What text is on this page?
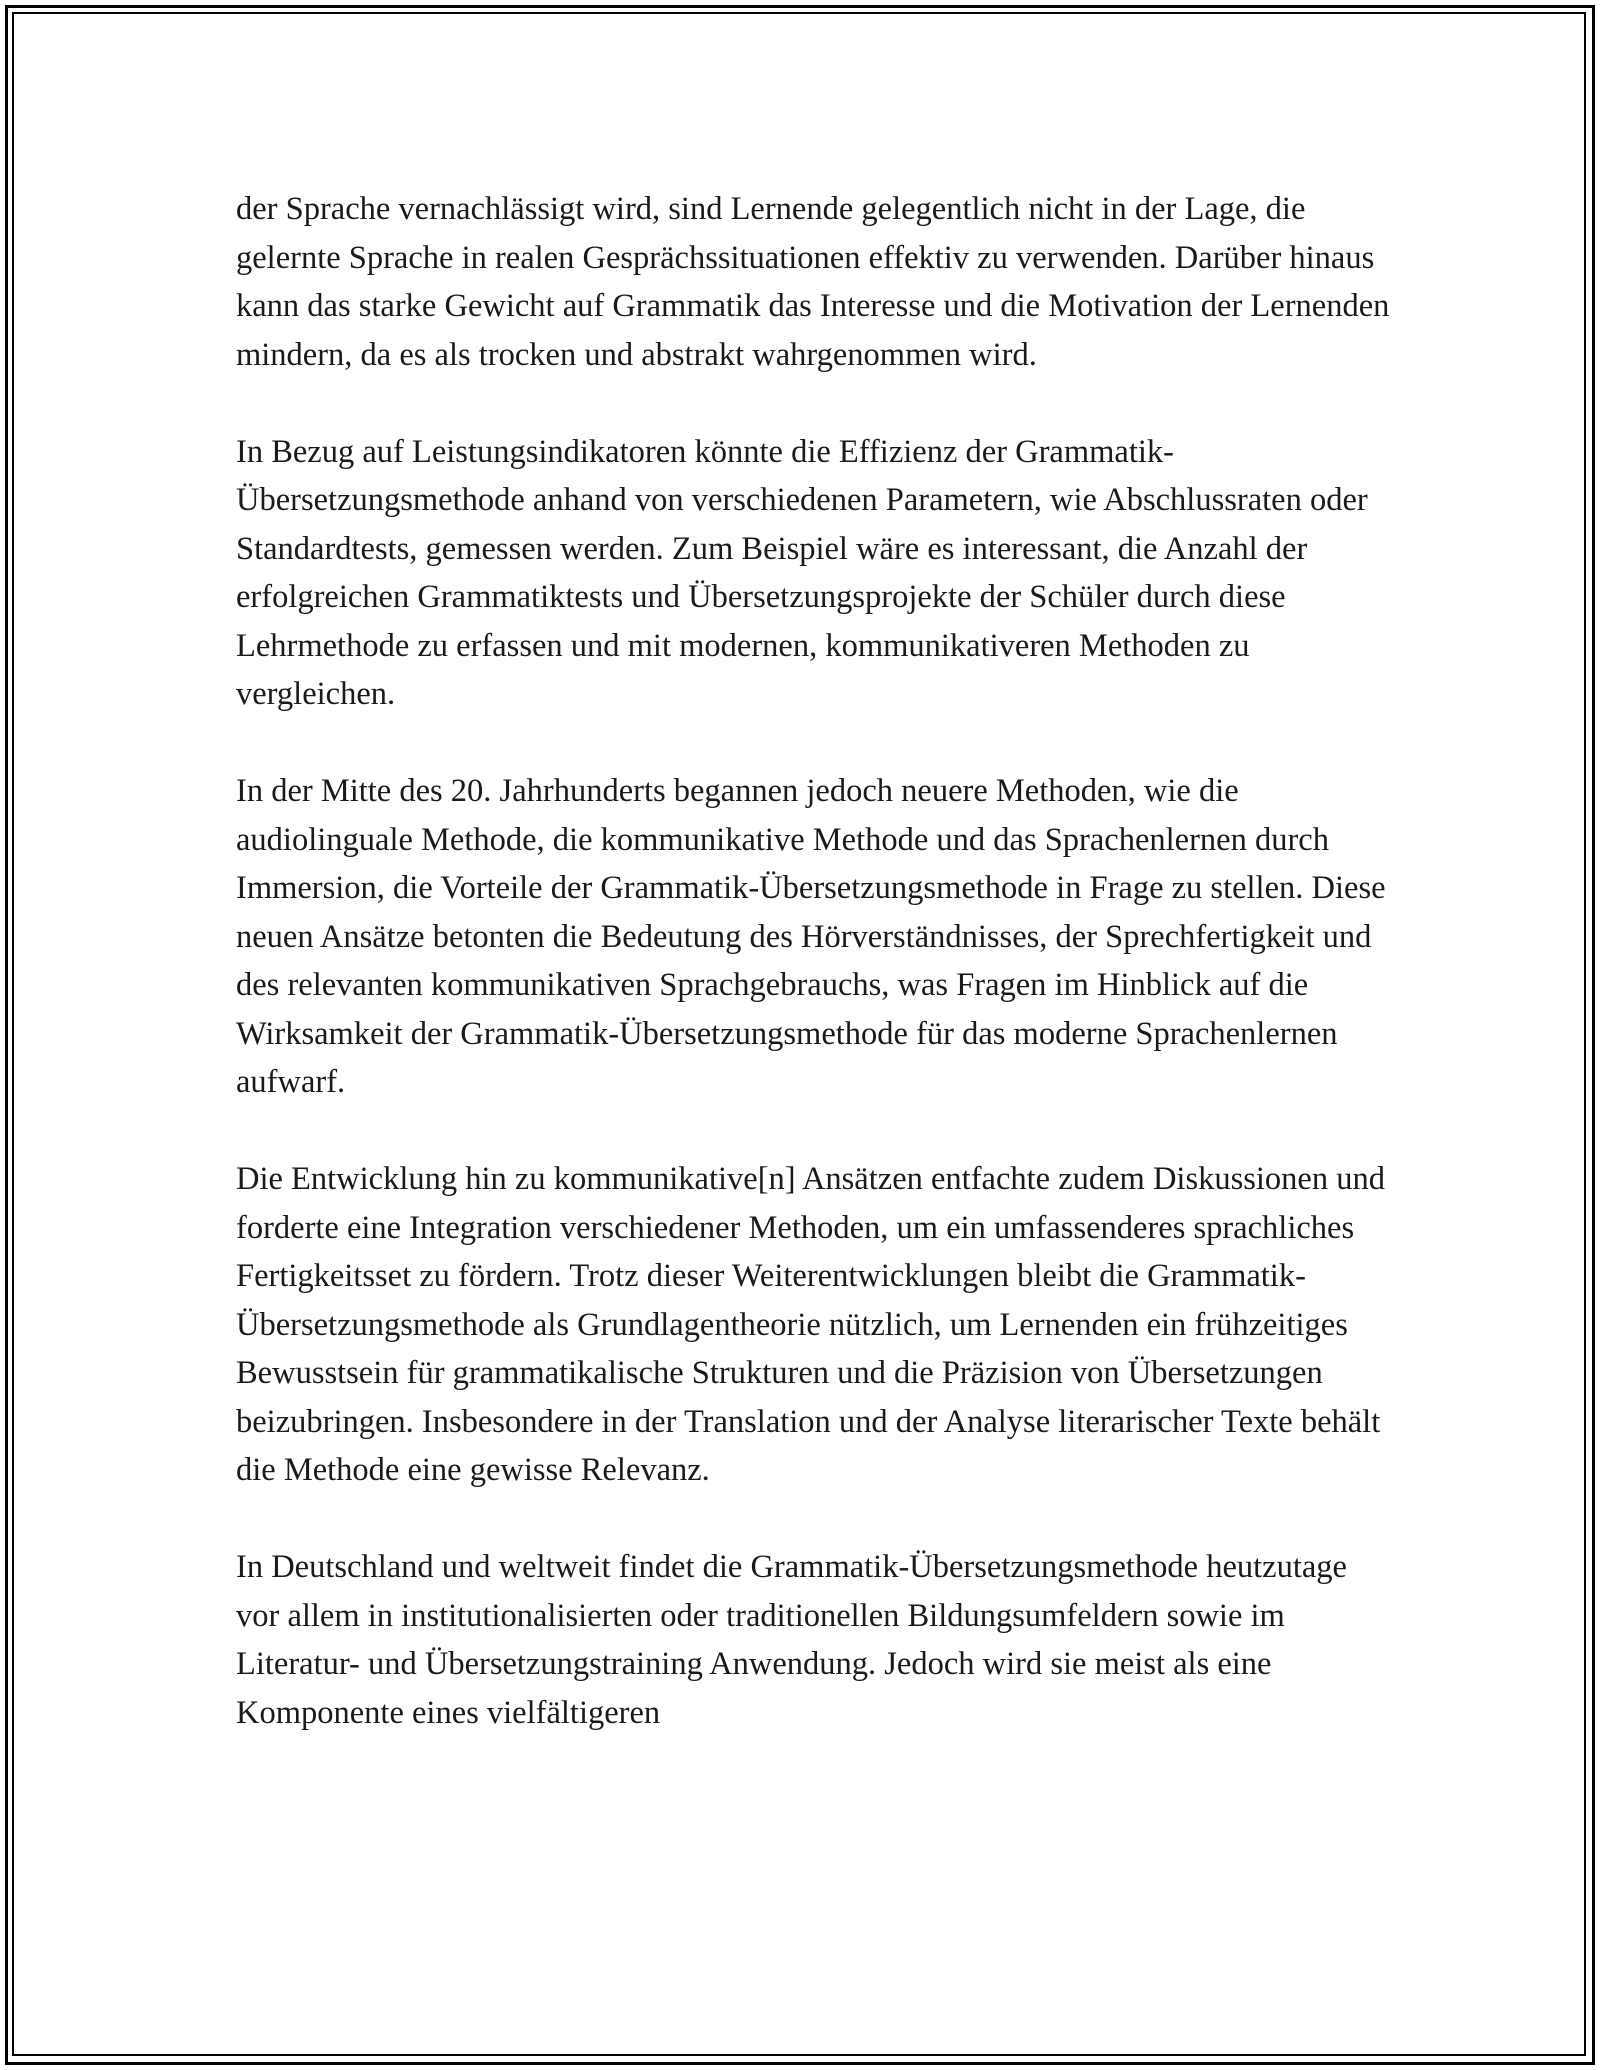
der Sprache vernachlässigt wird, sind Lernende gelegentlich nicht in der Lage, die gelernte Sprache in realen Gesprächssituationen effektiv zu verwenden. Darüber hinaus kann das starke Gewicht auf Grammatik das Interesse und die Motivation der Lernenden mindern, da es als trocken und abstrakt wahrgenommen wird.

In Bezug auf Leistungsindikatoren könnte die Effizienz der Grammatik-Übersetzungsmethode anhand von verschiedenen Parametern, wie Abschlussraten oder Standardtests, gemessen werden. Zum Beispiel wäre es interessant, die Anzahl der erfolgreichen Grammatiktests und Übersetzungsprojekte der Schüler durch diese Lehrmethode zu erfassen und mit modernen, kommunikativeren Methoden zu vergleichen.

In der Mitte des 20. Jahrhunderts begannen jedoch neuere Methoden, wie die audiolinguale Methode, die kommunikative Methode und das Sprachenlernen durch Immersion, die Vorteile der Grammatik-Übersetzungsmethode in Frage zu stellen. Diese neuen Ansätze betonten die Bedeutung des Hörverständnisses, der Sprechfertigkeit und des relevanten kommunikativen Sprachgebrauchs, was Fragen im Hinblick auf die Wirksamkeit der Grammatik-Übersetzungsmethode für das moderne Sprachenlernen aufwarf.

Die Entwicklung hin zu kommunikative[n] Ansätzen entfachte zudem Diskussionen und forderte eine Integration verschiedener Methoden, um ein umfassenderes sprachliches Fertigkeitsset zu fördern. Trotz dieser Weiterentwicklungen bleibt die Grammatik-Übersetzungsmethode als Grundlagentheorie nützlich, um Lernenden ein frühzeitiges Bewusstsein für grammatikalische Strukturen und die Präzision von Übersetzungen beizubringen. Insbesondere in der Translation und der Analyse literarischer Texte behält die Methode eine gewisse Relevanz.

In Deutschland und weltweit findet die Grammatik-Übersetzungsmethode heutzutage vor allem in institutionalisierten oder traditionellen Bildungsumfeldern sowie im Literatur- und Übersetzungstraining Anwendung. Jedoch wird sie meist als eine Komponente eines vielfältigeren
